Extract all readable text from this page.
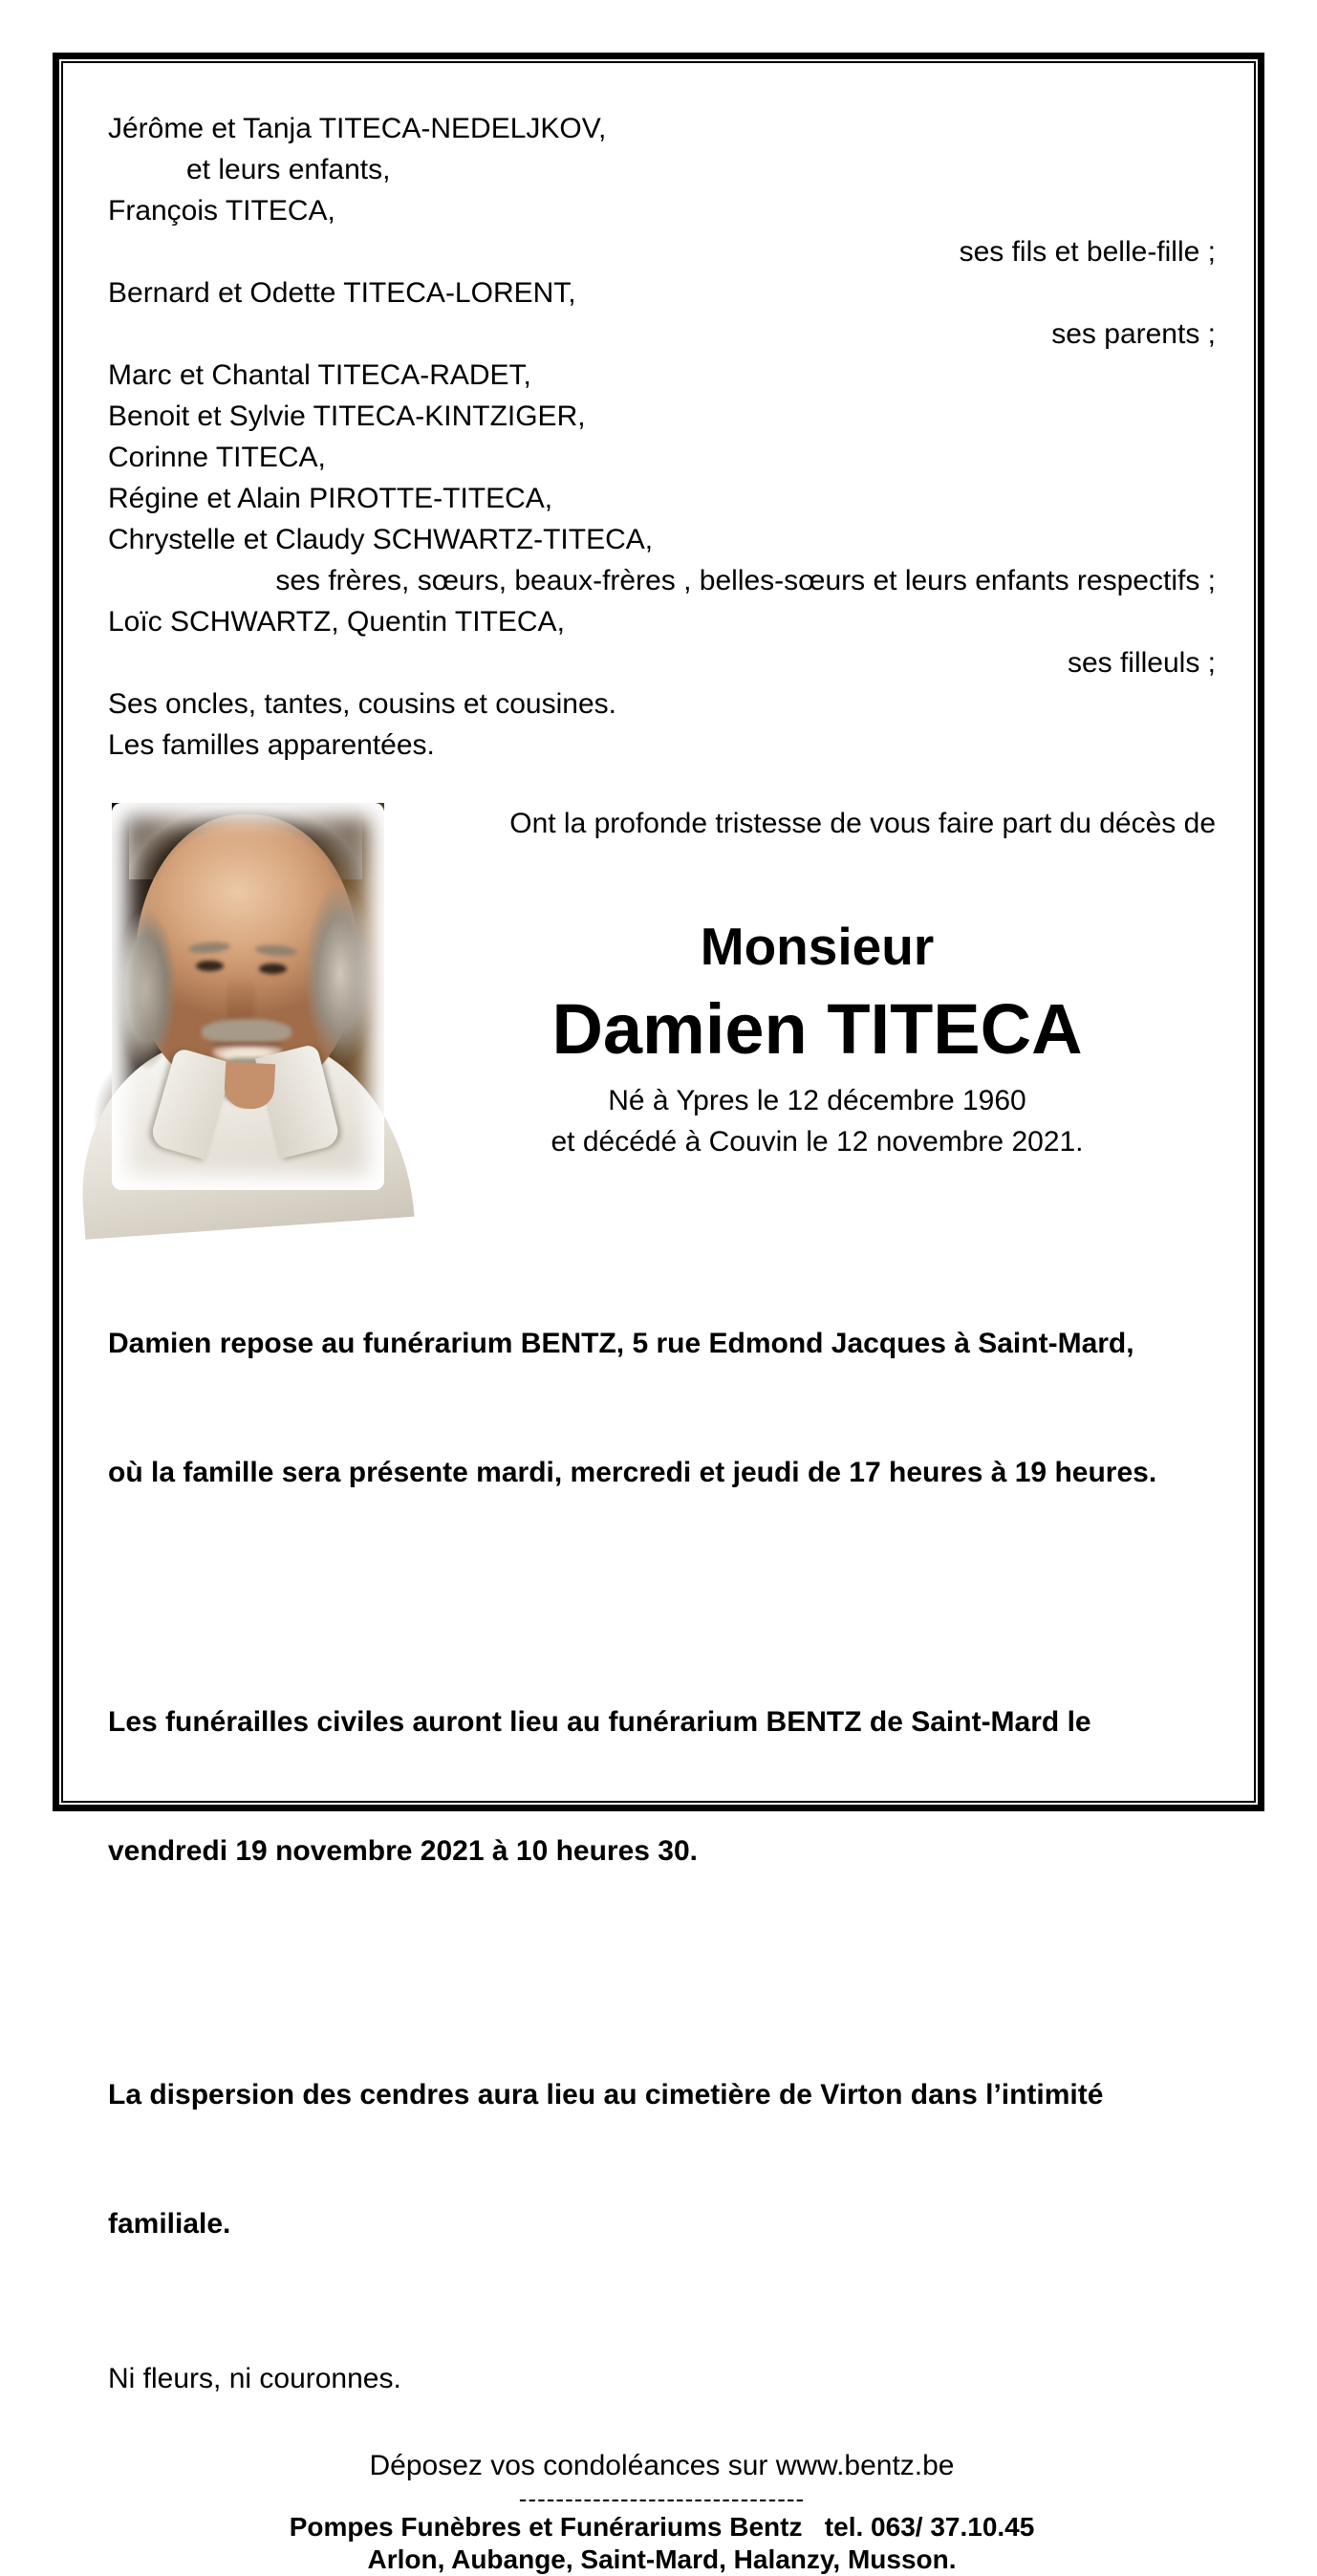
Jérôme et Tanja TITECA-NEDELJKOV,
et leurs enfants,
François TITECA,
ses fils et belle-fille ;
Bernard et Odette TITECA-LORENT,
ses parents ;
Marc et Chantal TITECA-RADET,
Benoit et Sylvie TITECA-KINTZIGER,
Corinne TITECA,
Régine et Alain PIROTTE-TITECA,
Chrystelle et Claudy SCHWARTZ-TITECA,
ses frères, sœurs, beaux-frères , belles-sœurs et leurs enfants respectifs ;
Loïc SCHWARTZ, Quentin TITECA,
ses filleuls ;
Ses oncles, tantes, cousins et cousines.
Les familles apparentées.
Ont la profonde tristesse de vous faire part du décès de
Monsieur
Damien TITECA
Né à Ypres le 12 décembre 1960
et décédé à Couvin le 12 novembre 2021.

Damien repose au funérarium BENTZ, 5 rue Edmond Jacques à Saint-Mard,

où la famille sera présente mardi, mercredi et jeudi de 17 heures à 19 heures.

Les funérailles civiles auront lieu au funérarium BENTZ de Saint-Mard le

vendredi 19 novembre 2021 à 10 heures 30.

La dispersion des cendres aura lieu au cimetière de Virton dans l’intimité

familiale.

Ni fleurs, ni couronnes.
Déposez vos condoléances sur www.bentz.be
-------------------------------
Pompes Funèbres et Funérariums Bentz   tel. 063/ 37.10.45
Arlon, Aubange, Saint-Mard, Halanzy, Musson.
